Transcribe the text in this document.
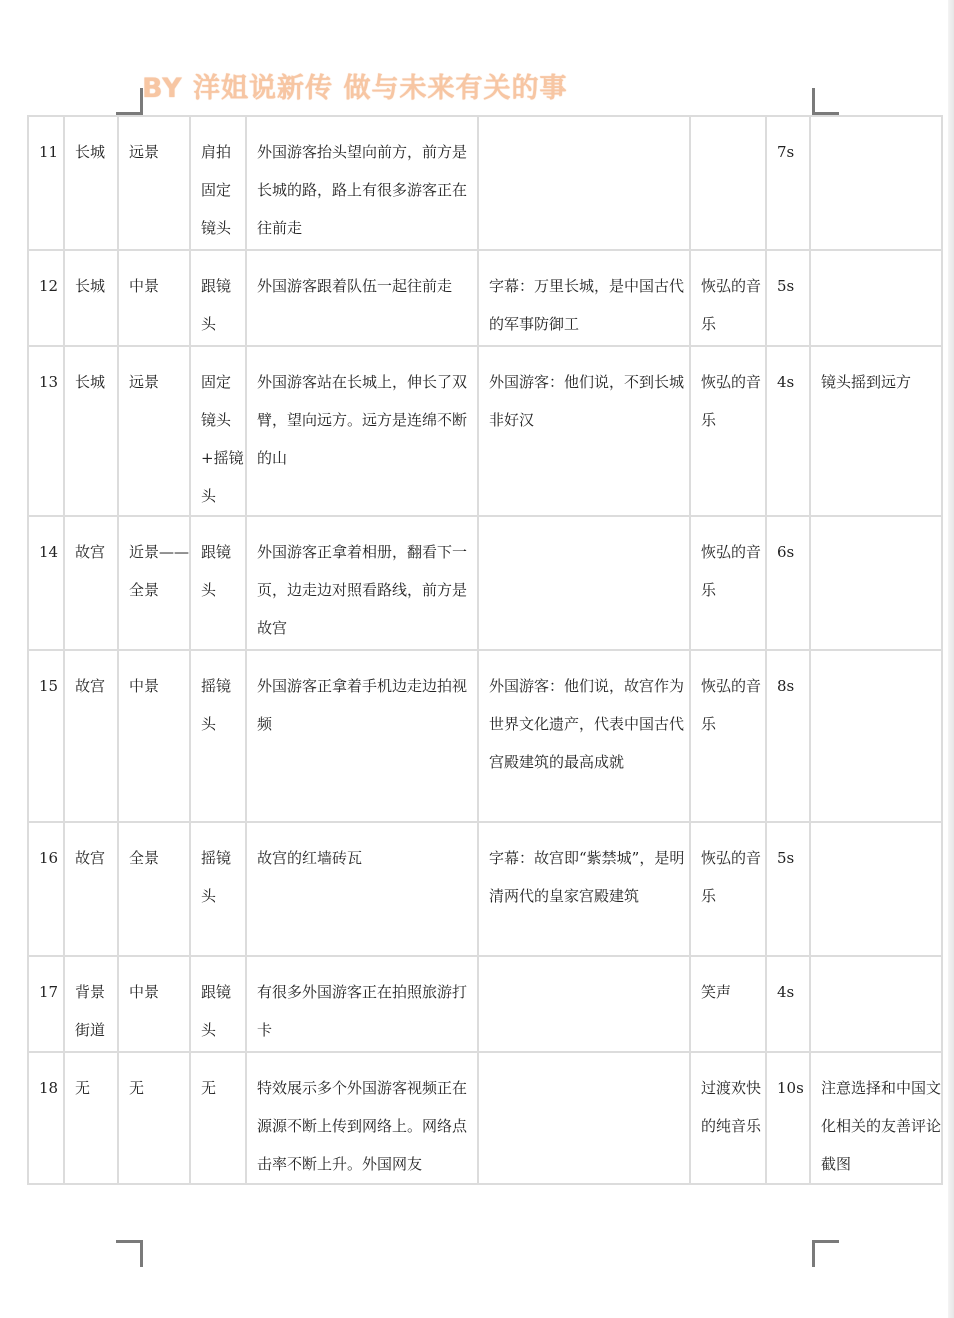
BY 洋姐说新传 做与未来有关的事
11	长城	远景	肩拍固定镜头	外国游客抬头望向前方，前方是长城的路，路上有很多游客正在往前走			7s	
12	长城	中景	跟镜头	外国游客跟着队伍一起往前走	字幕：万里长城，是中国古代的军事防御工	恢弘的音乐	5s	
13	长城	远景	固定镜头+摇镜头	外国游客站在长城上，伸长了双臂，望向远方。远方是连绵不断的山	外国游客：他们说，不到长城非好汉	恢弘的音乐	4s	镜头摇到远方
14	故宫	近景——全景	跟镜头	外国游客正拿着相册，翻看下一页，边走边对照看路线，前方是故宫		恢弘的音乐	6s	
15	故宫	中景	摇镜头	外国游客正拿着手机边走边拍视频	外国游客：他们说，故宫作为世界文化遗产，代表中国古代宫殿建筑的最高成就	恢弘的音乐	8s	
16	故宫	全景	摇镜头	故宫的红墙砖瓦	字幕：故宫即“紫禁城”，是明清两代的皇家宫殿建筑	恢弘的音乐	5s	
17	背景街道	中景	跟镜头	有很多外国游客正在拍照旅游打卡		笑声	4s	
18	无	无	无	特效展示多个外国游客视频正在源源不断上传到网络上。网络点击率不断上升。外国网友		过渡欢快的纯音乐	10s	注意选择和中国文化相关的友善评论截图
